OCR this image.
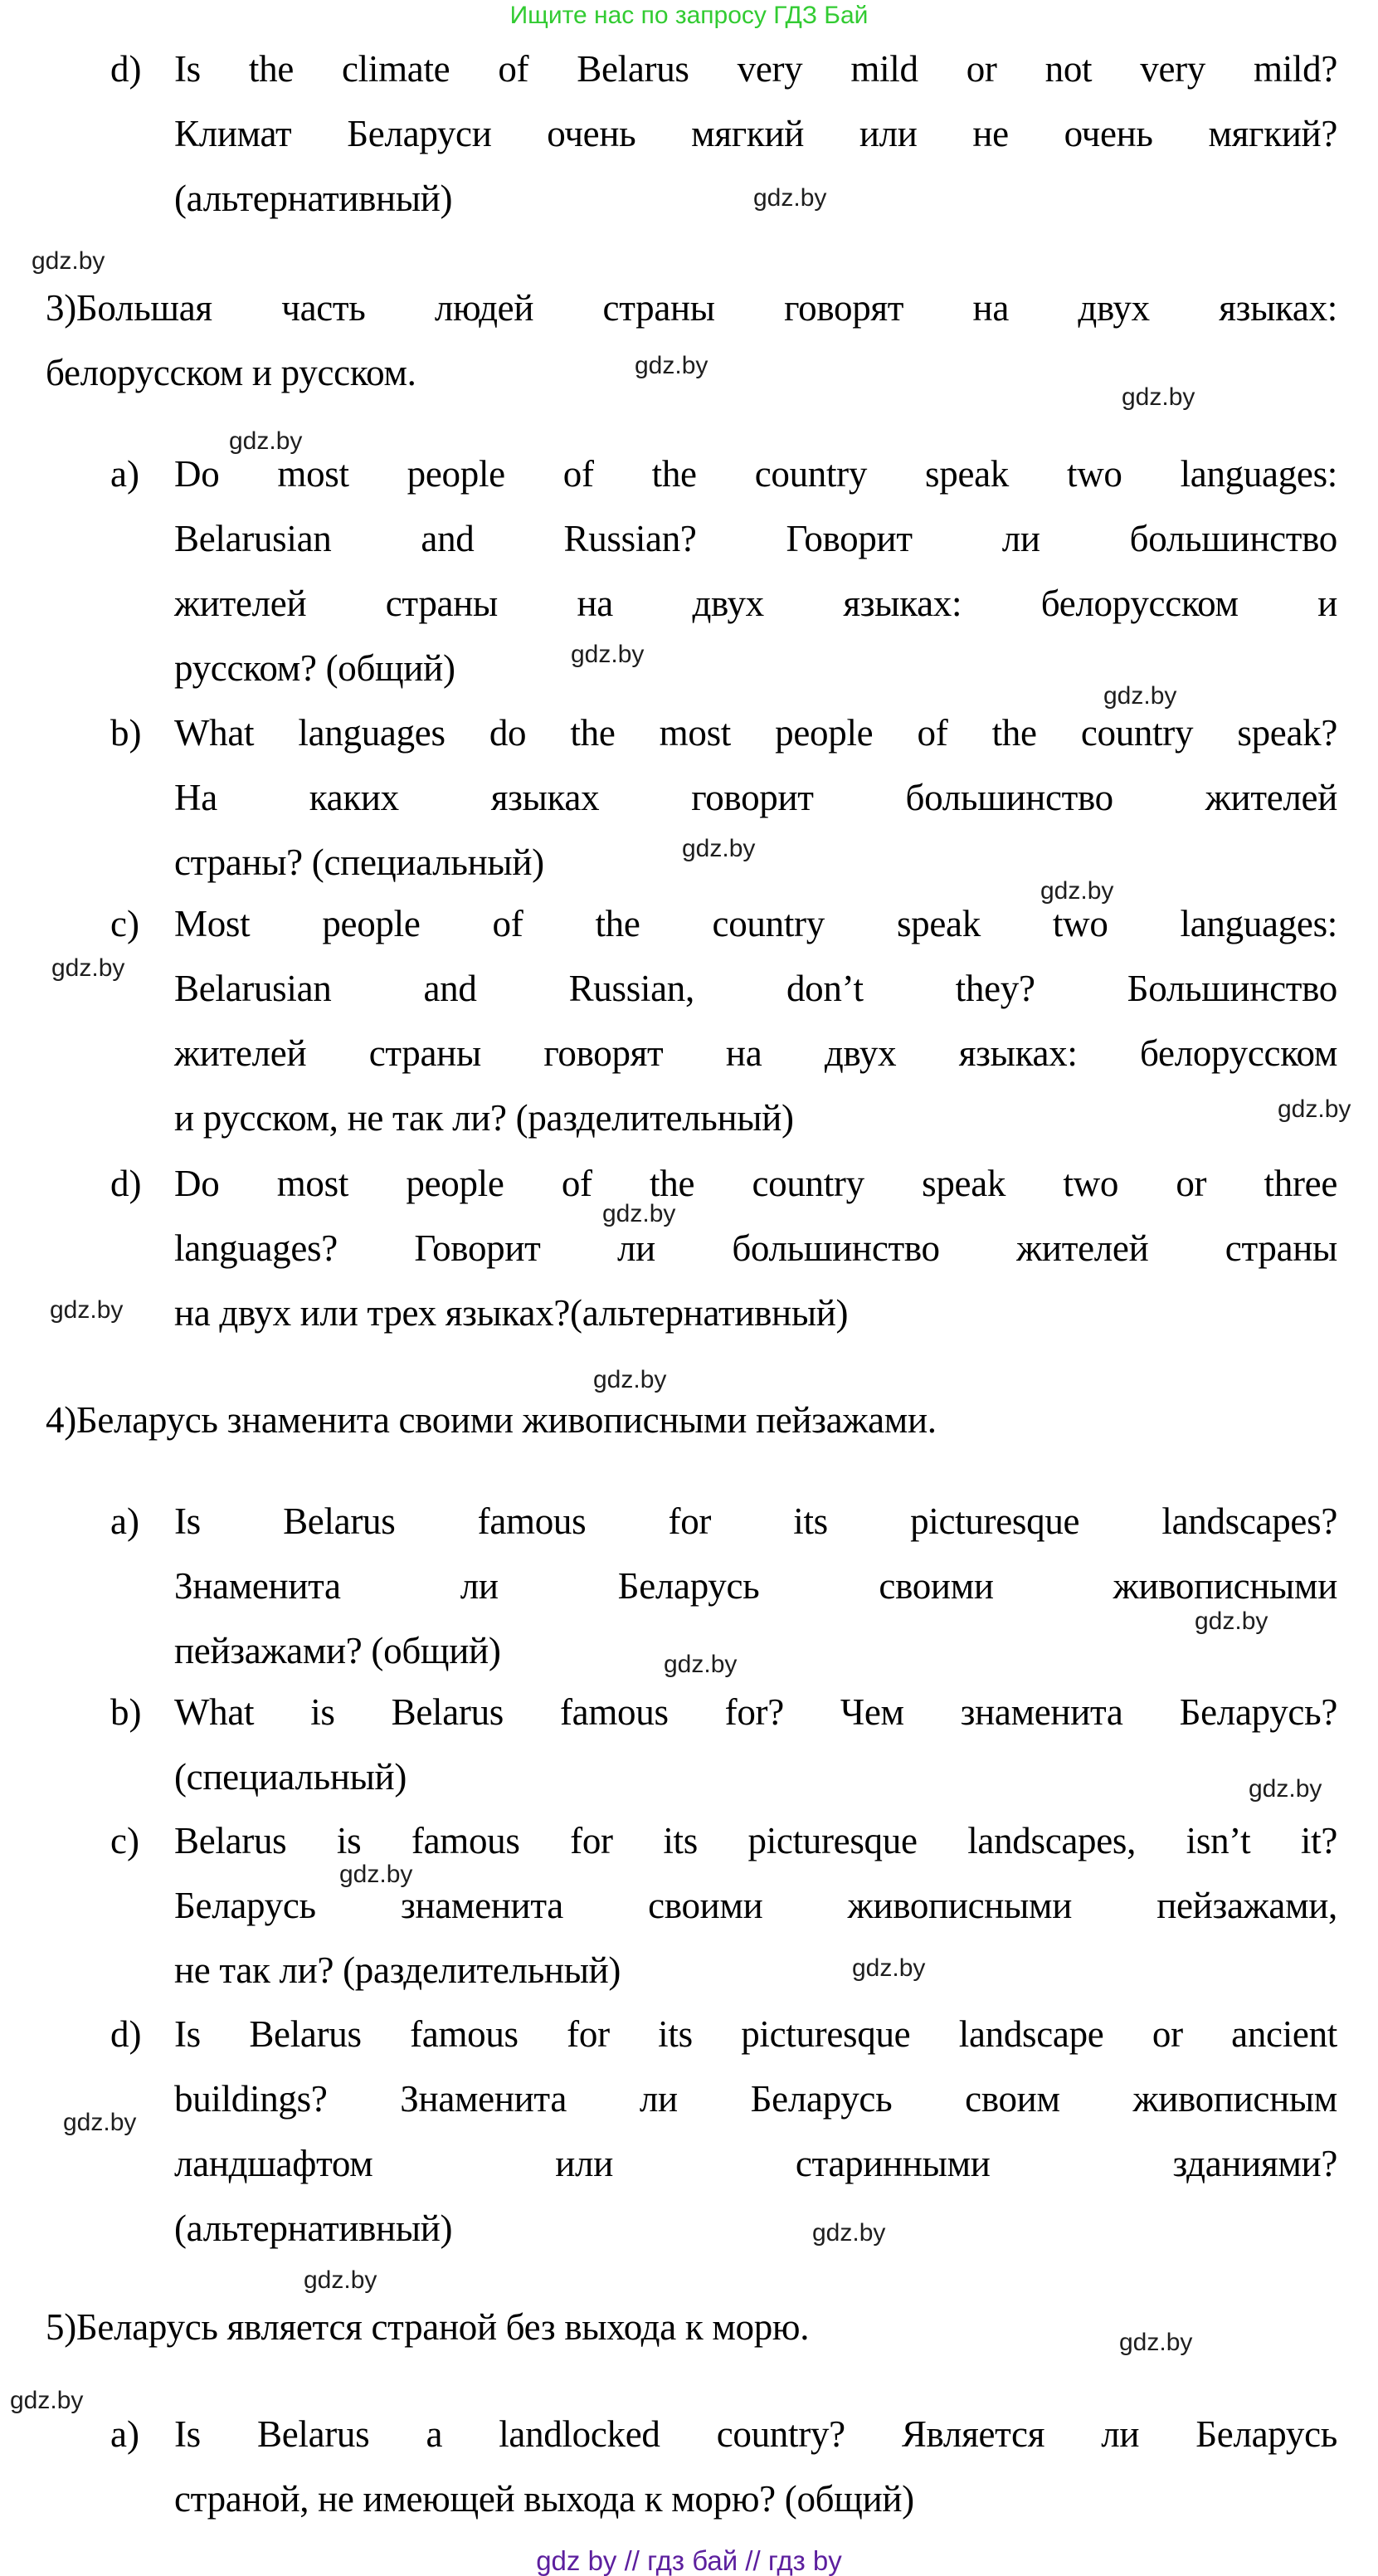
Ищите нас по запросу ГДЗ Бай
d) Is the climate of Belarus very mild or not very mild?
Климат Беларуси очень мягкий или не очень мягкий?
(альтернативный)
3)Большая часть людей страны говорят на двух языках:
белорусском и русском.
a) Do most people of the country speak two languages:
Belarusian and Russian? Говорит ли большинство
жителей страны на двух языках: белорусском и
русском? (общий)
b) What languages do the most people of the country speak?
На каких языках говорит большинство жителей
страны? (специальный)
c) Most people of the country speak two languages:
Belarusian and Russian, don’t they? Большинство
жителей страны говорят на двух языках: белорусском
и русском, не так ли? (разделительный)
d) Do most people of the country speak two or three
languages? Говорит ли большинство жителей страны
на двух или трех языках?(альтернативный)
4)Беларусь знаменита своими живописными пейзажами.
a) Is Belarus famous for its picturesque landscapes?
Знаменита ли Беларусь своими живописными
пейзажами? (общий)
b) What is Belarus famous for? Чем знаменита Беларусь?
(специальный)
c) Belarus is famous for its picturesque landscapes, isn’t it?
Беларусь знаменита своими живописными пейзажами,
не так ли? (разделительный)
d) Is Belarus famous for its picturesque landscape or ancient
buildings? Знаменита ли Беларусь своим живописным
ландшафтом или старинными зданиями?
(альтернативный)
5)Беларусь является страной без выхода к морю.
a) Is Belarus a landlocked country? Является ли Беларусь
страной, не имеющей выхода к морю? (общий)
gdz.by
gdz.by
gdz.by
gdz.by
gdz.by
gdz.by
gdz.by
gdz.by
gdz.by
gdz.by
gdz.by
gdz.by
gdz.by
gdz.by
gdz.by
gdz.by
gdz.by
gdz.by
gdz.by
gdz.by
gdz.by
gdz.by
gdz.by
gdz.by
gdz by // гдз бай // гдз by
